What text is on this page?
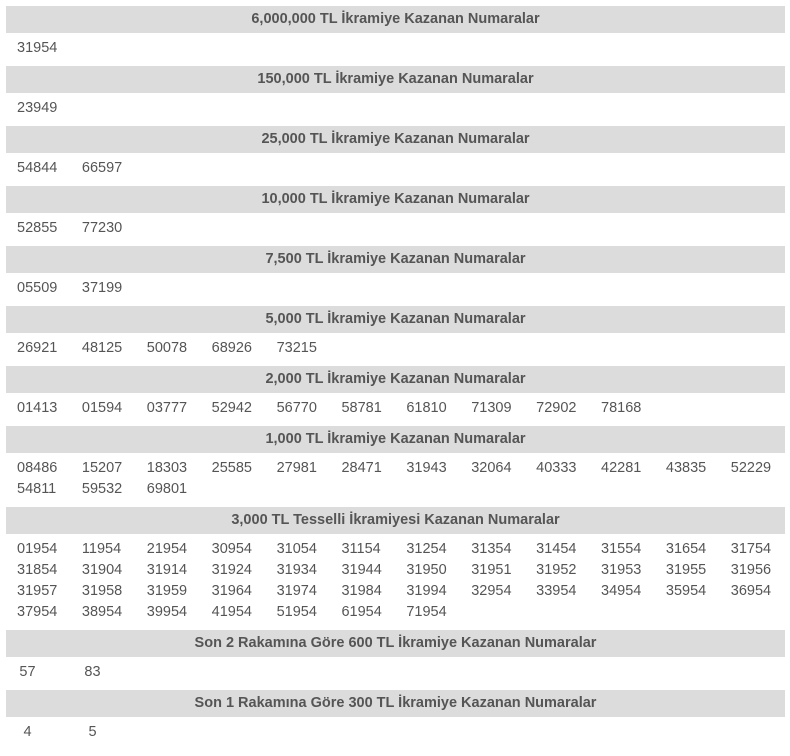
6,000,000 TL İkramiye Kazanan Numaralar
31954
150,000 TL İkramiye Kazanan Numaralar
23949
25,000 TL İkramiye Kazanan Numaralar
54844	66597
10,000 TL İkramiye Kazanan Numaralar
52855	77230
7,500 TL İkramiye Kazanan Numaralar
05509	37199
5,000 TL İkramiye Kazanan Numaralar
26921	48125	50078	68926	73215
2,000 TL İkramiye Kazanan Numaralar
01413	01594	03777	52942	56770	58781	61810	71309	72902	78168
1,000 TL İkramiye Kazanan Numaralar
08486	15207	18303	25585	27981	28471	31943	32064	40333	42281	43835	52229
54811	59532	69801
3,000 TL Tesselli İkramiyesi Kazanan Numaralar
01954	11954	21954	30954	31054	31154	31254	31354	31454	31554	31654	31754
31854	31904	31914	31924	31934	31944	31950	31951	31952	31953	31955	31956
31957	31958	31959	31964	31974	31984	31994	32954	33954	34954	35954	36954
37954	38954	39954	41954	51954	61954	71954
Son 2 Rakamına Göre 600 TL İkramiye Kazanan Numaralar
57	83
Son 1 Rakamına Göre 300 TL İkramiye Kazanan Numaralar
4	5
